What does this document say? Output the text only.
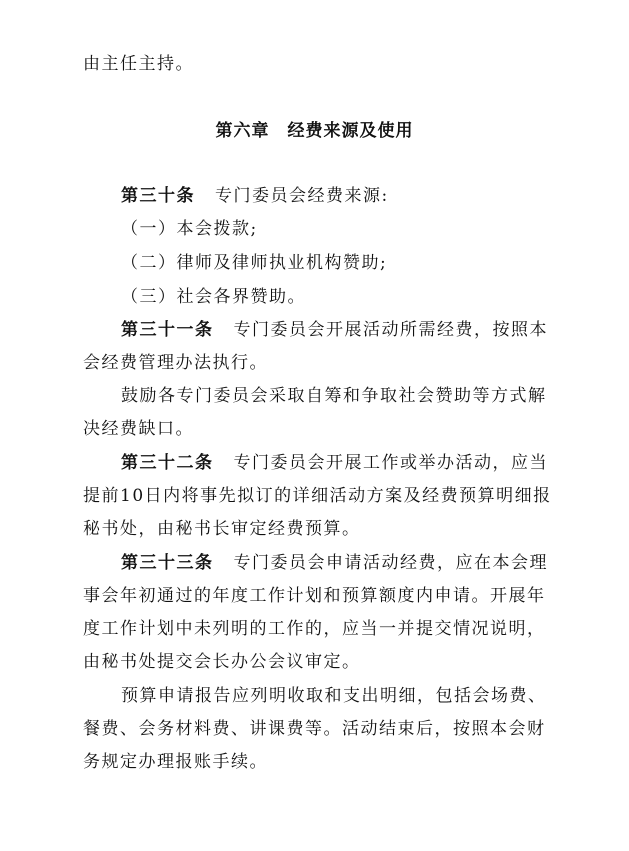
由主任主持。

第六章　经费来源及使用

第三十条 专门委员会经费来源:

（一）本会拨款;

（二）律师及律师执业机构赞助;

（三）社会各界赞助。

第三十一条 专门委员会开展活动所需经费，按照本会经费管理办法执行。

鼓励各专门委员会采取自筹和争取社会赞助等方式解决经费缺口。

第三十二条 专门委员会开展工作或举办活动，应当提前10日内将事先拟订的详细活动方案及经费预算明细报秘书处，由秘书长审定经费预算。

第三十三条 专门委员会申请活动经费，应在本会理事会年初通过的年度工作计划和预算额度内申请。开展年度工作计划中未列明的工作的，应当一并提交情况说明，由秘书处提交会长办公会议审定。

预算申请报告应列明收取和支出明细，包括会场费、餐费、会务材料费、讲课费等。活动结束后，按照本会财务规定办理报账手续。
